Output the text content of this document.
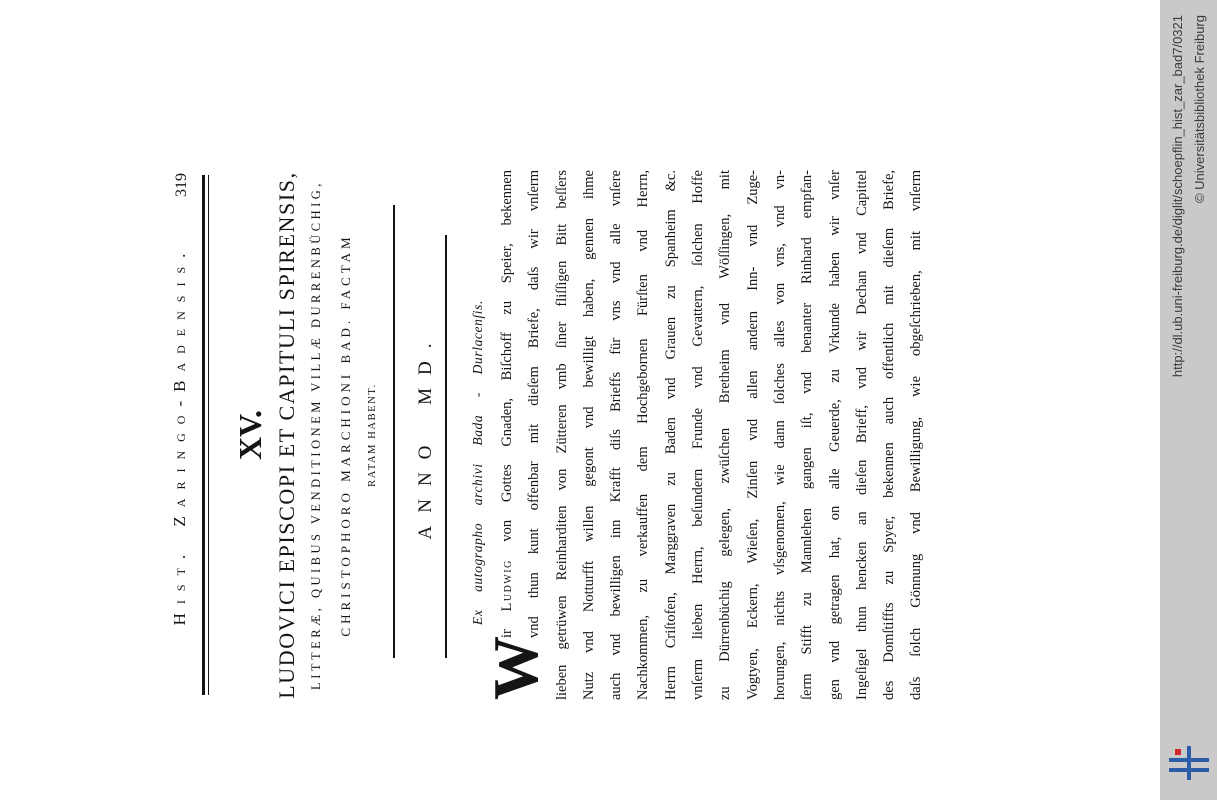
Hist. Zaringo-Badensis.
319
XV. LUDOVICI EPISCOPI ET CAPITULI SPIRENSIS, LITTERÆ, QUIBUS VENDITIONEM VILLÆ DURRENBÜCHIG, CHRISTOPHORO MARCHIONI BAD. FACTAM RATAM HABENT. ANNO MD.	Ex autographo archivi Bada - Durlacenſis.
W
ir Ludwig von Gottes Gnaden, Biſchoff zu Speier, bekennen vnd thun kunt offenbar mit dieſem Briefe, daſs wir vnſerm lieben getrüwen Reinharditen von Zütteren vmb ſiner fliſſigen Bitt beſſers Nutz vnd Notturfft willen gegont vnd bewilligt haben, gennen ihme auch vnd bewilligen inn Krafft diſs Brieffs für vns vnd alle vnſere Nachkommen, zu verkauffen dem Hochgebornen Fürſten vnd Herrn, Herrn Criſtofen, Marggraven zu Baden vnd Grauen zu Spanheim &c. vnſerm lieben Herrn, beſundern Frunde vnd Gevattern, ſolchen Hoffe zu Dürrenbüchig gelegen, zwüſchen Bretheim vnd Wöſſingen, mit Vogtyen, Eckern, Wieſen, Zinſen vnd allen andern Inn- vnd Zuge- horungen, nichts vſsgenomen, wie dann ſolches alles von vns, vnd vn- ſerm Stifft zu Mannlehen gangen iſt, vnd benanter Rinhard empfan- gen vnd getragen hat, on alle Geuerde, zu Vrkunde haben wir vnſer Ingeſigel thun hencken an dieſen Brieff, vnd wir Dechan vnd Capittel des Domſtiffts zu Spyer, bekennen auch offentlich mit dieſem Briefe, daſs ſolch Gönnung vnd Bewilligung, wie obgeſchrieben, mit vnſerm	http://dl.ub.uni-freiburg.de/diglit/schoepflin_hist_zar_bad7/0321 © Universitätsbibliothek Freiburg
